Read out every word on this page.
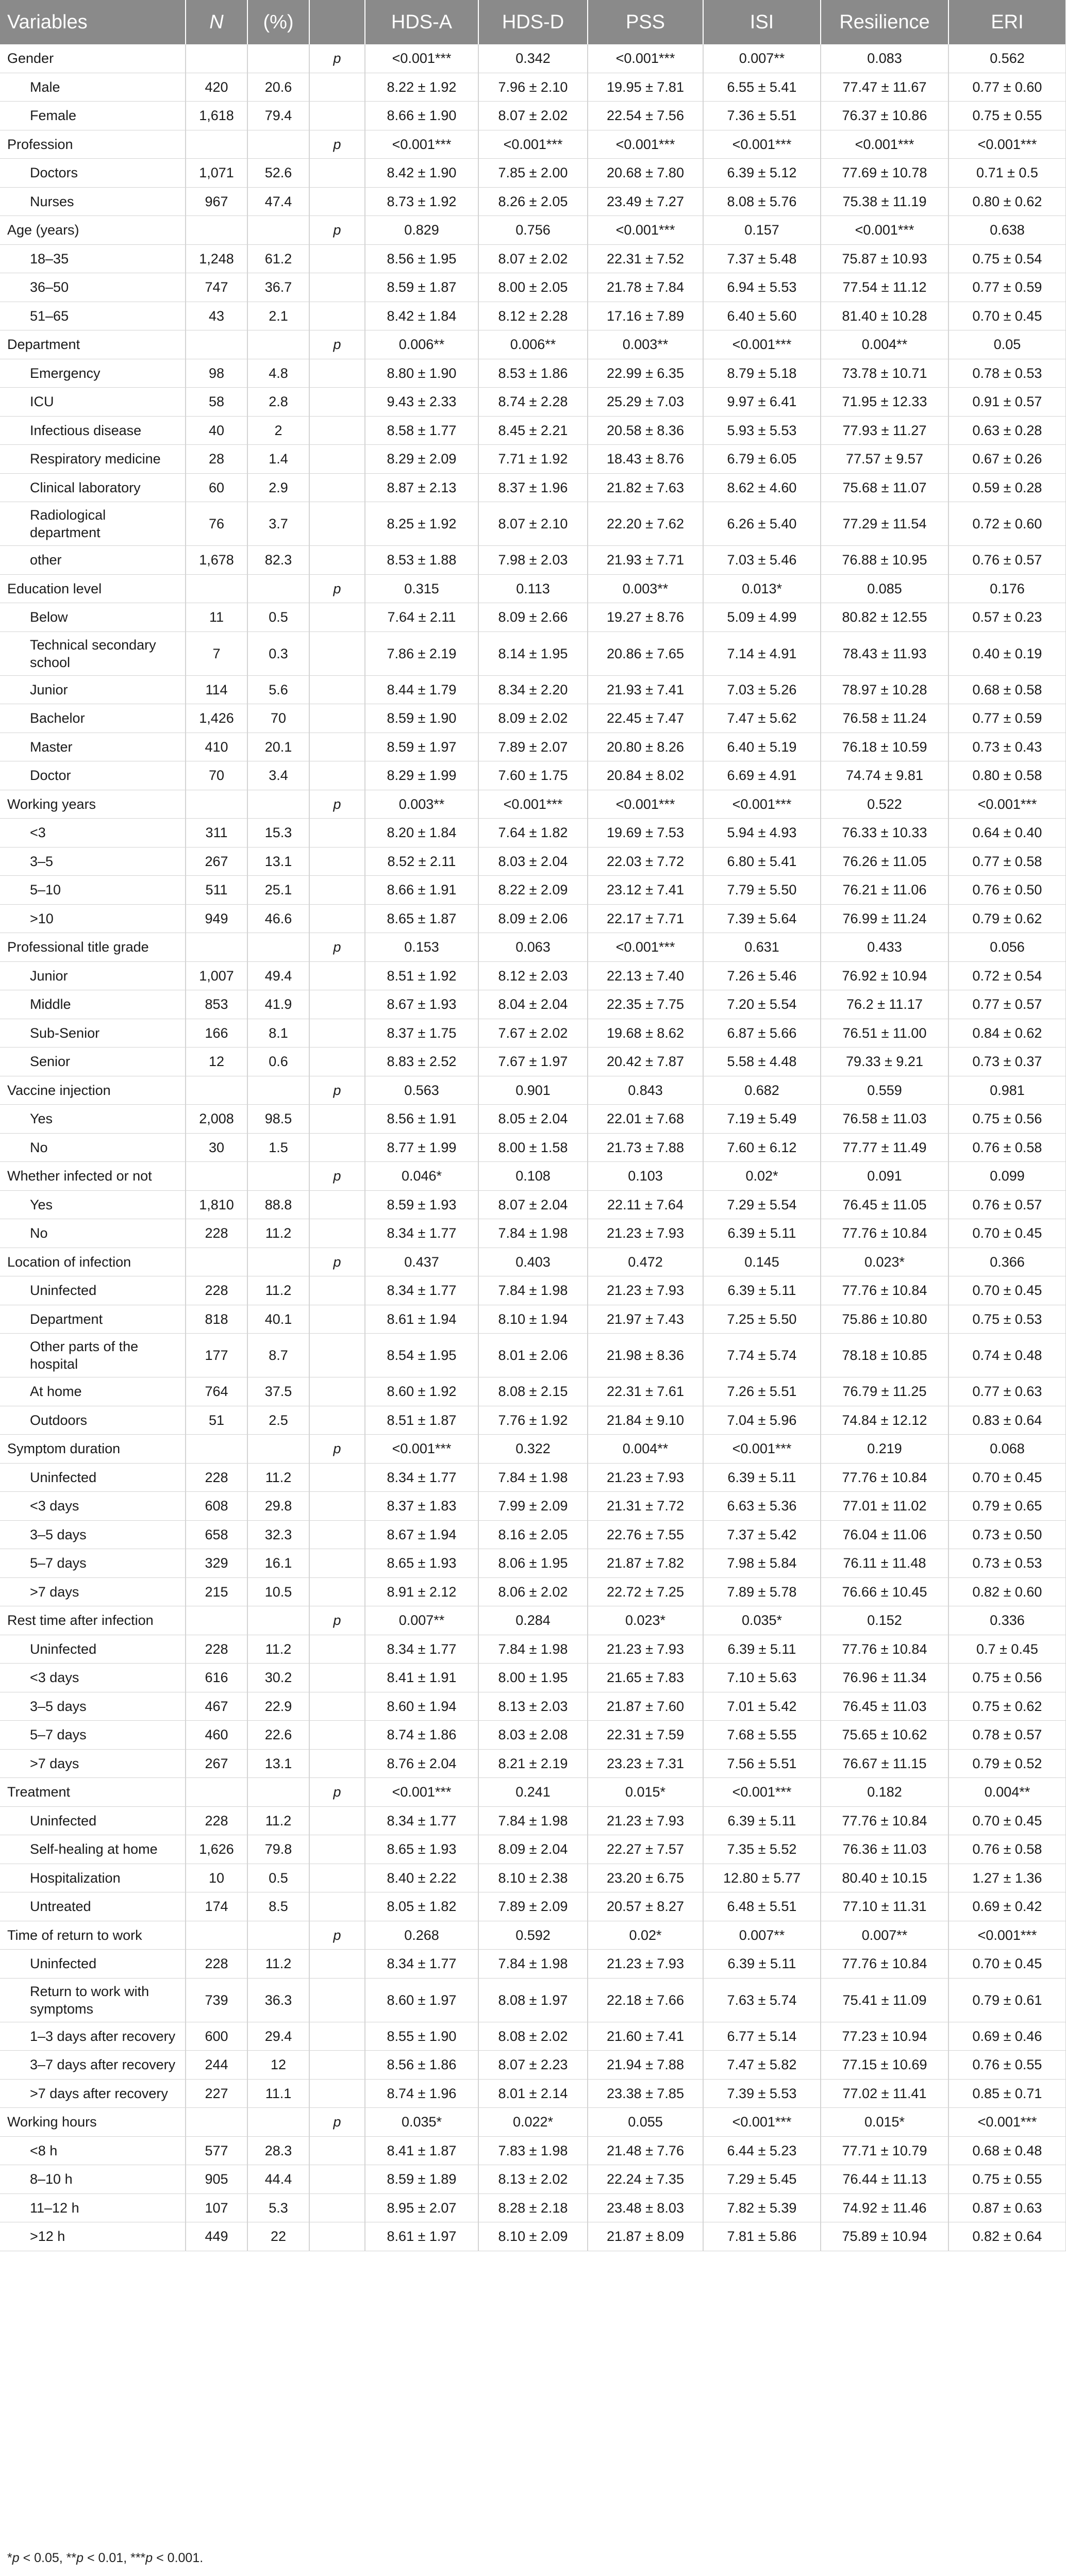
Variables	N	(%)		HDS-A	HDS-D	PSS	ISI	Resilience	ERI
Gender			p	<0.001***	0.342	<0.001***	0.007**	0.083	0.562
Male	420	20.6		8.22 ± 1.92	7.96 ± 2.10	19.95 ± 7.81	6.55 ± 5.41	77.47 ± 11.67	0.77 ± 0.60
Female	1,618	79.4		8.66 ± 1.90	8.07 ± 2.02	22.54 ± 7.56	7.36 ± 5.51	76.37 ± 10.86	0.75 ± 0.55
Profession			p	<0.001***	<0.001***	<0.001***	<0.001***	<0.001***	<0.001***
Doctors	1,071	52.6		8.42 ± 1.90	7.85 ± 2.00	20.68 ± 7.80	6.39 ± 5.12	77.69 ± 10.78	0.71 ± 0.5
Nurses	967	47.4		8.73 ± 1.92	8.26 ± 2.05	23.49 ± 7.27	8.08 ± 5.76	75.38 ± 11.19	0.80 ± 0.62
Age (years)			p	0.829	0.756	<0.001***	0.157	<0.001***	0.638
18–35	1,248	61.2		8.56 ± 1.95	8.07 ± 2.02	22.31 ± 7.52	7.37 ± 5.48	75.87 ± 10.93	0.75 ± 0.54
36–50	747	36.7		8.59 ± 1.87	8.00 ± 2.05	21.78 ± 7.84	6.94 ± 5.53	77.54 ± 11.12	0.77 ± 0.59
51–65	43	2.1		8.42 ± 1.84	8.12 ± 2.28	17.16 ± 7.89	6.40 ± 5.60	81.40 ± 10.28	0.70 ± 0.45
Department			p	0.006**	0.006**	0.003**	<0.001***	0.004**	0.05
Emergency	98	4.8		8.80 ± 1.90	8.53 ± 1.86	22.99 ± 6.35	8.79 ± 5.18	73.78 ± 10.71	0.78 ± 0.53
ICU	58	2.8		9.43 ± 2.33	8.74 ± 2.28	25.29 ± 7.03	9.97 ± 6.41	71.95 ± 12.33	0.91 ± 0.57
Infectious disease	40	2		8.58 ± 1.77	8.45 ± 2.21	20.58 ± 8.36	5.93 ± 5.53	77.93 ± 11.27	0.63 ± 0.28
Respiratory medicine	28	1.4		8.29 ± 2.09	7.71 ± 1.92	18.43 ± 8.76	6.79 ± 6.05	77.57 ± 9.57	0.67 ± 0.26
Clinical laboratory	60	2.9		8.87 ± 2.13	8.37 ± 1.96	21.82 ± 7.63	8.62 ± 4.60	75.68 ± 11.07	0.59 ± 0.28
Radiological department	76	3.7		8.25 ± 1.92	8.07 ± 2.10	22.20 ± 7.62	6.26 ± 5.40	77.29 ± 11.54	0.72 ± 0.60
other	1,678	82.3		8.53 ± 1.88	7.98 ± 2.03	21.93 ± 7.71	7.03 ± 5.46	76.88 ± 10.95	0.76 ± 0.57
Education level			p	0.315	0.113	0.003**	0.013*	0.085	0.176
Below	11	0.5		7.64 ± 2.11	8.09 ± 2.66	19.27 ± 8.76	5.09 ± 4.99	80.82 ± 12.55	0.57 ± 0.23
Technical secondary school	7	0.3		7.86 ± 2.19	8.14 ± 1.95	20.86 ± 7.65	7.14 ± 4.91	78.43 ± 11.93	0.40 ± 0.19
Junior	114	5.6		8.44 ± 1.79	8.34 ± 2.20	21.93 ± 7.41	7.03 ± 5.26	78.97 ± 10.28	0.68 ± 0.58
Bachelor	1,426	70		8.59 ± 1.90	8.09 ± 2.02	22.45 ± 7.47	7.47 ± 5.62	76.58 ± 11.24	0.77 ± 0.59
Master	410	20.1		8.59 ± 1.97	7.89 ± 2.07	20.80 ± 8.26	6.40 ± 5.19	76.18 ± 10.59	0.73 ± 0.43
Doctor	70	3.4		8.29 ± 1.99	7.60 ± 1.75	20.84 ± 8.02	6.69 ± 4.91	74.74 ± 9.81	0.80 ± 0.58
Working years			p	0.003**	<0.001***	<0.001***	<0.001***	0.522	<0.001***
<3	311	15.3		8.20 ± 1.84	7.64 ± 1.82	19.69 ± 7.53	5.94 ± 4.93	76.33 ± 10.33	0.64 ± 0.40
3–5	267	13.1		8.52 ± 2.11	8.03 ± 2.04	22.03 ± 7.72	6.80 ± 5.41	76.26 ± 11.05	0.77 ± 0.58
5–10	511	25.1		8.66 ± 1.91	8.22 ± 2.09	23.12 ± 7.41	7.79 ± 5.50	76.21 ± 11.06	0.76 ± 0.50
>10	949	46.6		8.65 ± 1.87	8.09 ± 2.06	22.17 ± 7.71	7.39 ± 5.64	76.99 ± 11.24	0.79 ± 0.62
Professional title grade			p	0.153	0.063	<0.001***	0.631	0.433	0.056
Junior	1,007	49.4		8.51 ± 1.92	8.12 ± 2.03	22.13 ± 7.40	7.26 ± 5.46	76.92 ± 10.94	0.72 ± 0.54
Middle	853	41.9		8.67 ± 1.93	8.04 ± 2.04	22.35 ± 7.75	7.20 ± 5.54	76.2 ± 11.17	0.77 ± 0.57
Sub-Senior	166	8.1		8.37 ± 1.75	7.67 ± 2.02	19.68 ± 8.62	6.87 ± 5.66	76.51 ± 11.00	0.84 ± 0.62
Senior	12	0.6		8.83 ± 2.52	7.67 ± 1.97	20.42 ± 7.87	5.58 ± 4.48	79.33 ± 9.21	0.73 ± 0.37
Vaccine injection			p	0.563	0.901	0.843	0.682	0.559	0.981
Yes	2,008	98.5		8.56 ± 1.91	8.05 ± 2.04	22.01 ± 7.68	7.19 ± 5.49	76.58 ± 11.03	0.75 ± 0.56
No	30	1.5		8.77 ± 1.99	8.00 ± 1.58	21.73 ± 7.88	7.60 ± 6.12	77.77 ± 11.49	0.76 ± 0.58
Whether infected or not			p	0.046*	0.108	0.103	0.02*	0.091	0.099
Yes	1,810	88.8		8.59 ± 1.93	8.07 ± 2.04	22.11 ± 7.64	7.29 ± 5.54	76.45 ± 11.05	0.76 ± 0.57
No	228	11.2		8.34 ± 1.77	7.84 ± 1.98	21.23 ± 7.93	6.39 ± 5.11	77.76 ± 10.84	0.70 ± 0.45
Location of infection			p	0.437	0.403	0.472	0.145	0.023*	0.366
Uninfected	228	11.2		8.34 ± 1.77	7.84 ± 1.98	21.23 ± 7.93	6.39 ± 5.11	77.76 ± 10.84	0.70 ± 0.45
Department	818	40.1		8.61 ± 1.94	8.10 ± 1.94	21.97 ± 7.43	7.25 ± 5.50	75.86 ± 10.80	0.75 ± 0.53
Other parts of the hospital	177	8.7		8.54 ± 1.95	8.01 ± 2.06	21.98 ± 8.36	7.74 ± 5.74	78.18 ± 10.85	0.74 ± 0.48
At home	764	37.5		8.60 ± 1.92	8.08 ± 2.15	22.31 ± 7.61	7.26 ± 5.51	76.79 ± 11.25	0.77 ± 0.63
Outdoors	51	2.5		8.51 ± 1.87	7.76 ± 1.92	21.84 ± 9.10	7.04 ± 5.96	74.84 ± 12.12	0.83 ± 0.64
Symptom duration			p	<0.001***	0.322	0.004**	<0.001***	0.219	0.068
Uninfected	228	11.2		8.34 ± 1.77	7.84 ± 1.98	21.23 ± 7.93	6.39 ± 5.11	77.76 ± 10.84	0.70 ± 0.45
<3 days	608	29.8		8.37 ± 1.83	7.99 ± 2.09	21.31 ± 7.72	6.63 ± 5.36	77.01 ± 11.02	0.79 ± 0.65
3–5 days	658	32.3		8.67 ± 1.94	8.16 ± 2.05	22.76 ± 7.55	7.37 ± 5.42	76.04 ± 11.06	0.73 ± 0.50
5–7 days	329	16.1		8.65 ± 1.93	8.06 ± 1.95	21.87 ± 7.82	7.98 ± 5.84	76.11 ± 11.48	0.73 ± 0.53
>7 days	215	10.5		8.91 ± 2.12	8.06 ± 2.02	22.72 ± 7.25	7.89 ± 5.78	76.66 ± 10.45	0.82 ± 0.60
Rest time after infection			p	0.007**	0.284	0.023*	0.035*	0.152	0.336
Uninfected	228	11.2		8.34 ± 1.77	7.84 ± 1.98	21.23 ± 7.93	6.39 ± 5.11	77.76 ± 10.84	0.7 ± 0.45
<3 days	616	30.2		8.41 ± 1.91	8.00 ± 1.95	21.65 ± 7.83	7.10 ± 5.63	76.96 ± 11.34	0.75 ± 0.56
3–5 days	467	22.9		8.60 ± 1.94	8.13 ± 2.03	21.87 ± 7.60	7.01 ± 5.42	76.45 ± 11.03	0.75 ± 0.62
5–7 days	460	22.6		8.74 ± 1.86	8.03 ± 2.08	22.31 ± 7.59	7.68 ± 5.55	75.65 ± 10.62	0.78 ± 0.57
>7 days	267	13.1		8.76 ± 2.04	8.21 ± 2.19	23.23 ± 7.31	7.56 ± 5.51	76.67 ± 11.15	0.79 ± 0.52
Treatment			p	<0.001***	0.241	0.015*	<0.001***	0.182	0.004**
Uninfected	228	11.2		8.34 ± 1.77	7.84 ± 1.98	21.23 ± 7.93	6.39 ± 5.11	77.76 ± 10.84	0.70 ± 0.45
Self-healing at home	1,626	79.8		8.65 ± 1.93	8.09 ± 2.04	22.27 ± 7.57	7.35 ± 5.52	76.36 ± 11.03	0.76 ± 0.58
Hospitalization	10	0.5		8.40 ± 2.22	8.10 ± 2.38	23.20 ± 6.75	12.80 ± 5.77	80.40 ± 10.15	1.27 ± 1.36
Untreated	174	8.5		8.05 ± 1.82	7.89 ± 2.09	20.57 ± 8.27	6.48 ± 5.51	77.10 ± 11.31	0.69 ± 0.42
Time of return to work			p	0.268	0.592	0.02*	0.007**	0.007**	<0.001***
Uninfected	228	11.2		8.34 ± 1.77	7.84 ± 1.98	21.23 ± 7.93	6.39 ± 5.11	77.76 ± 10.84	0.70 ± 0.45
Return to work with symptoms	739	36.3		8.60 ± 1.97	8.08 ± 1.97	22.18 ± 7.66	7.63 ± 5.74	75.41 ± 11.09	0.79 ± 0.61
1–3 days after recovery	600	29.4		8.55 ± 1.90	8.08 ± 2.02	21.60 ± 7.41	6.77 ± 5.14	77.23 ± 10.94	0.69 ± 0.46
3–7 days after recovery	244	12		8.56 ± 1.86	8.07 ± 2.23	21.94 ± 7.88	7.47 ± 5.82	77.15 ± 10.69	0.76 ± 0.55
>7 days after recovery	227	11.1		8.74 ± 1.96	8.01 ± 2.14	23.38 ± 7.85	7.39 ± 5.53	77.02 ± 11.41	0.85 ± 0.71
Working hours			p	0.035*	0.022*	0.055	<0.001***	0.015*	<0.001***
<8 h	577	28.3		8.41 ± 1.87	7.83 ± 1.98	21.48 ± 7.76	6.44 ± 5.23	77.71 ± 10.79	0.68 ± 0.48
8–10 h	905	44.4		8.59 ± 1.89	8.13 ± 2.02	22.24 ± 7.35	7.29 ± 5.45	76.44 ± 11.13	0.75 ± 0.55
11–12 h	107	5.3		8.95 ± 2.07	8.28 ± 2.18	23.48 ± 8.03	7.82 ± 5.39	74.92 ± 11.46	0.87 ± 0.63
>12 h	449	22		8.61 ± 1.97	8.10 ± 2.09	21.87 ± 8.09	7.81 ± 5.86	75.89 ± 10.94	0.82 ± 0.64
*p < 0.05, **p < 0.01, ***p < 0.001.
